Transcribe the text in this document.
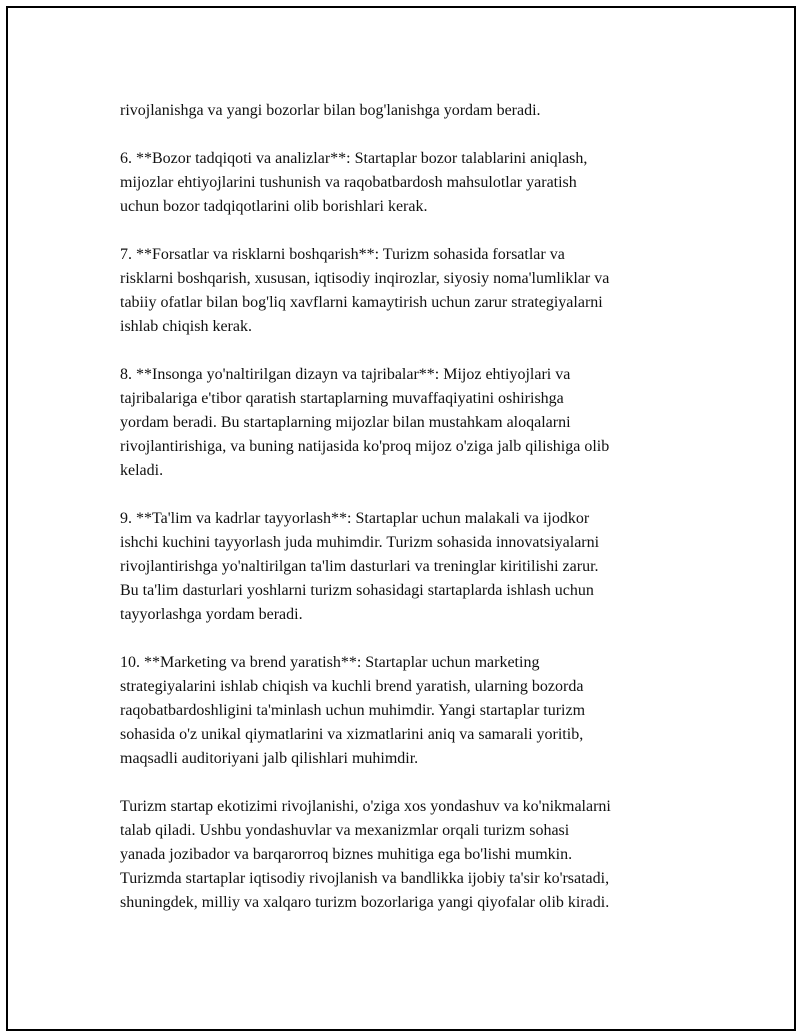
rivojlanishga va yangi bozorlar bilan bog'lanishga yordam beradi.

6. **Bozor tadqiqoti va analizlar**: Startaplar bozor talablarini aniqlash,
mijozlar ehtiyojlarini tushunish va raqobatbardosh mahsulotlar yaratish
uchun bozor tadqiqotlarini olib borishlari kerak.

7. **Forsatlar va risklarni boshqarish**: Turizm sohasida forsatlar va
risklarni boshqarish, xususan, iqtisodiy inqirozlar, siyosiy noma'lumliklar va
tabiiy ofatlar bilan bog'liq xavflarni kamaytirish uchun zarur strategiyalarni
ishlab chiqish kerak.

8. **Insonga yo'naltirilgan dizayn va tajribalar**: Mijoz ehtiyojlari va
tajribalariga e'tibor qaratish startaplarning muvaffaqiyatini oshirishga
yordam beradi. Bu startaplarning mijozlar bilan mustahkam aloqalarni
rivojlantirishiga, va buning natijasida ko'proq mijoz o'ziga jalb qilishiga olib
keladi.

9. **Ta'lim va kadrlar tayyorlash**: Startaplar uchun malakali va ijodkor
ishchi kuchini tayyorlash juda muhimdir. Turizm sohasida innovatsiyalarni
rivojlantirishga yo'naltirilgan ta'lim dasturlari va treninglar kiritilishi zarur.
Bu ta'lim dasturlari yoshlarni turizm sohasidagi startaplarda ishlash uchun
tayyorlashga yordam beradi.

10. **Marketing va brend yaratish**: Startaplar uchun marketing
strategiyalarini ishlab chiqish va kuchli brend yaratish, ularning bozorda
raqobatbardoshligini ta'minlash uchun muhimdir. Yangi startaplar turizm
sohasida o'z unikal qiymatlarini va xizmatlarini aniq va samarali yoritib,
maqsadli auditoriyani jalb qilishlari muhimdir.

Turizm startap ekotizimi rivojlanishi, o'ziga xos yondashuv va ko'nikmalarni
talab qiladi. Ushbu yondashuvlar va mexanizmlar orqali turizm sohasi
yanada jozibador va barqarorroq biznes muhitiga ega bo'lishi mumkin.
Turizmda startaplar iqtisodiy rivojlanish va bandlikka ijobiy ta'sir ko'rsatadi,
shuningdek, milliy va xalqaro turizm bozorlariga yangi qiyofalar olib kiradi.
